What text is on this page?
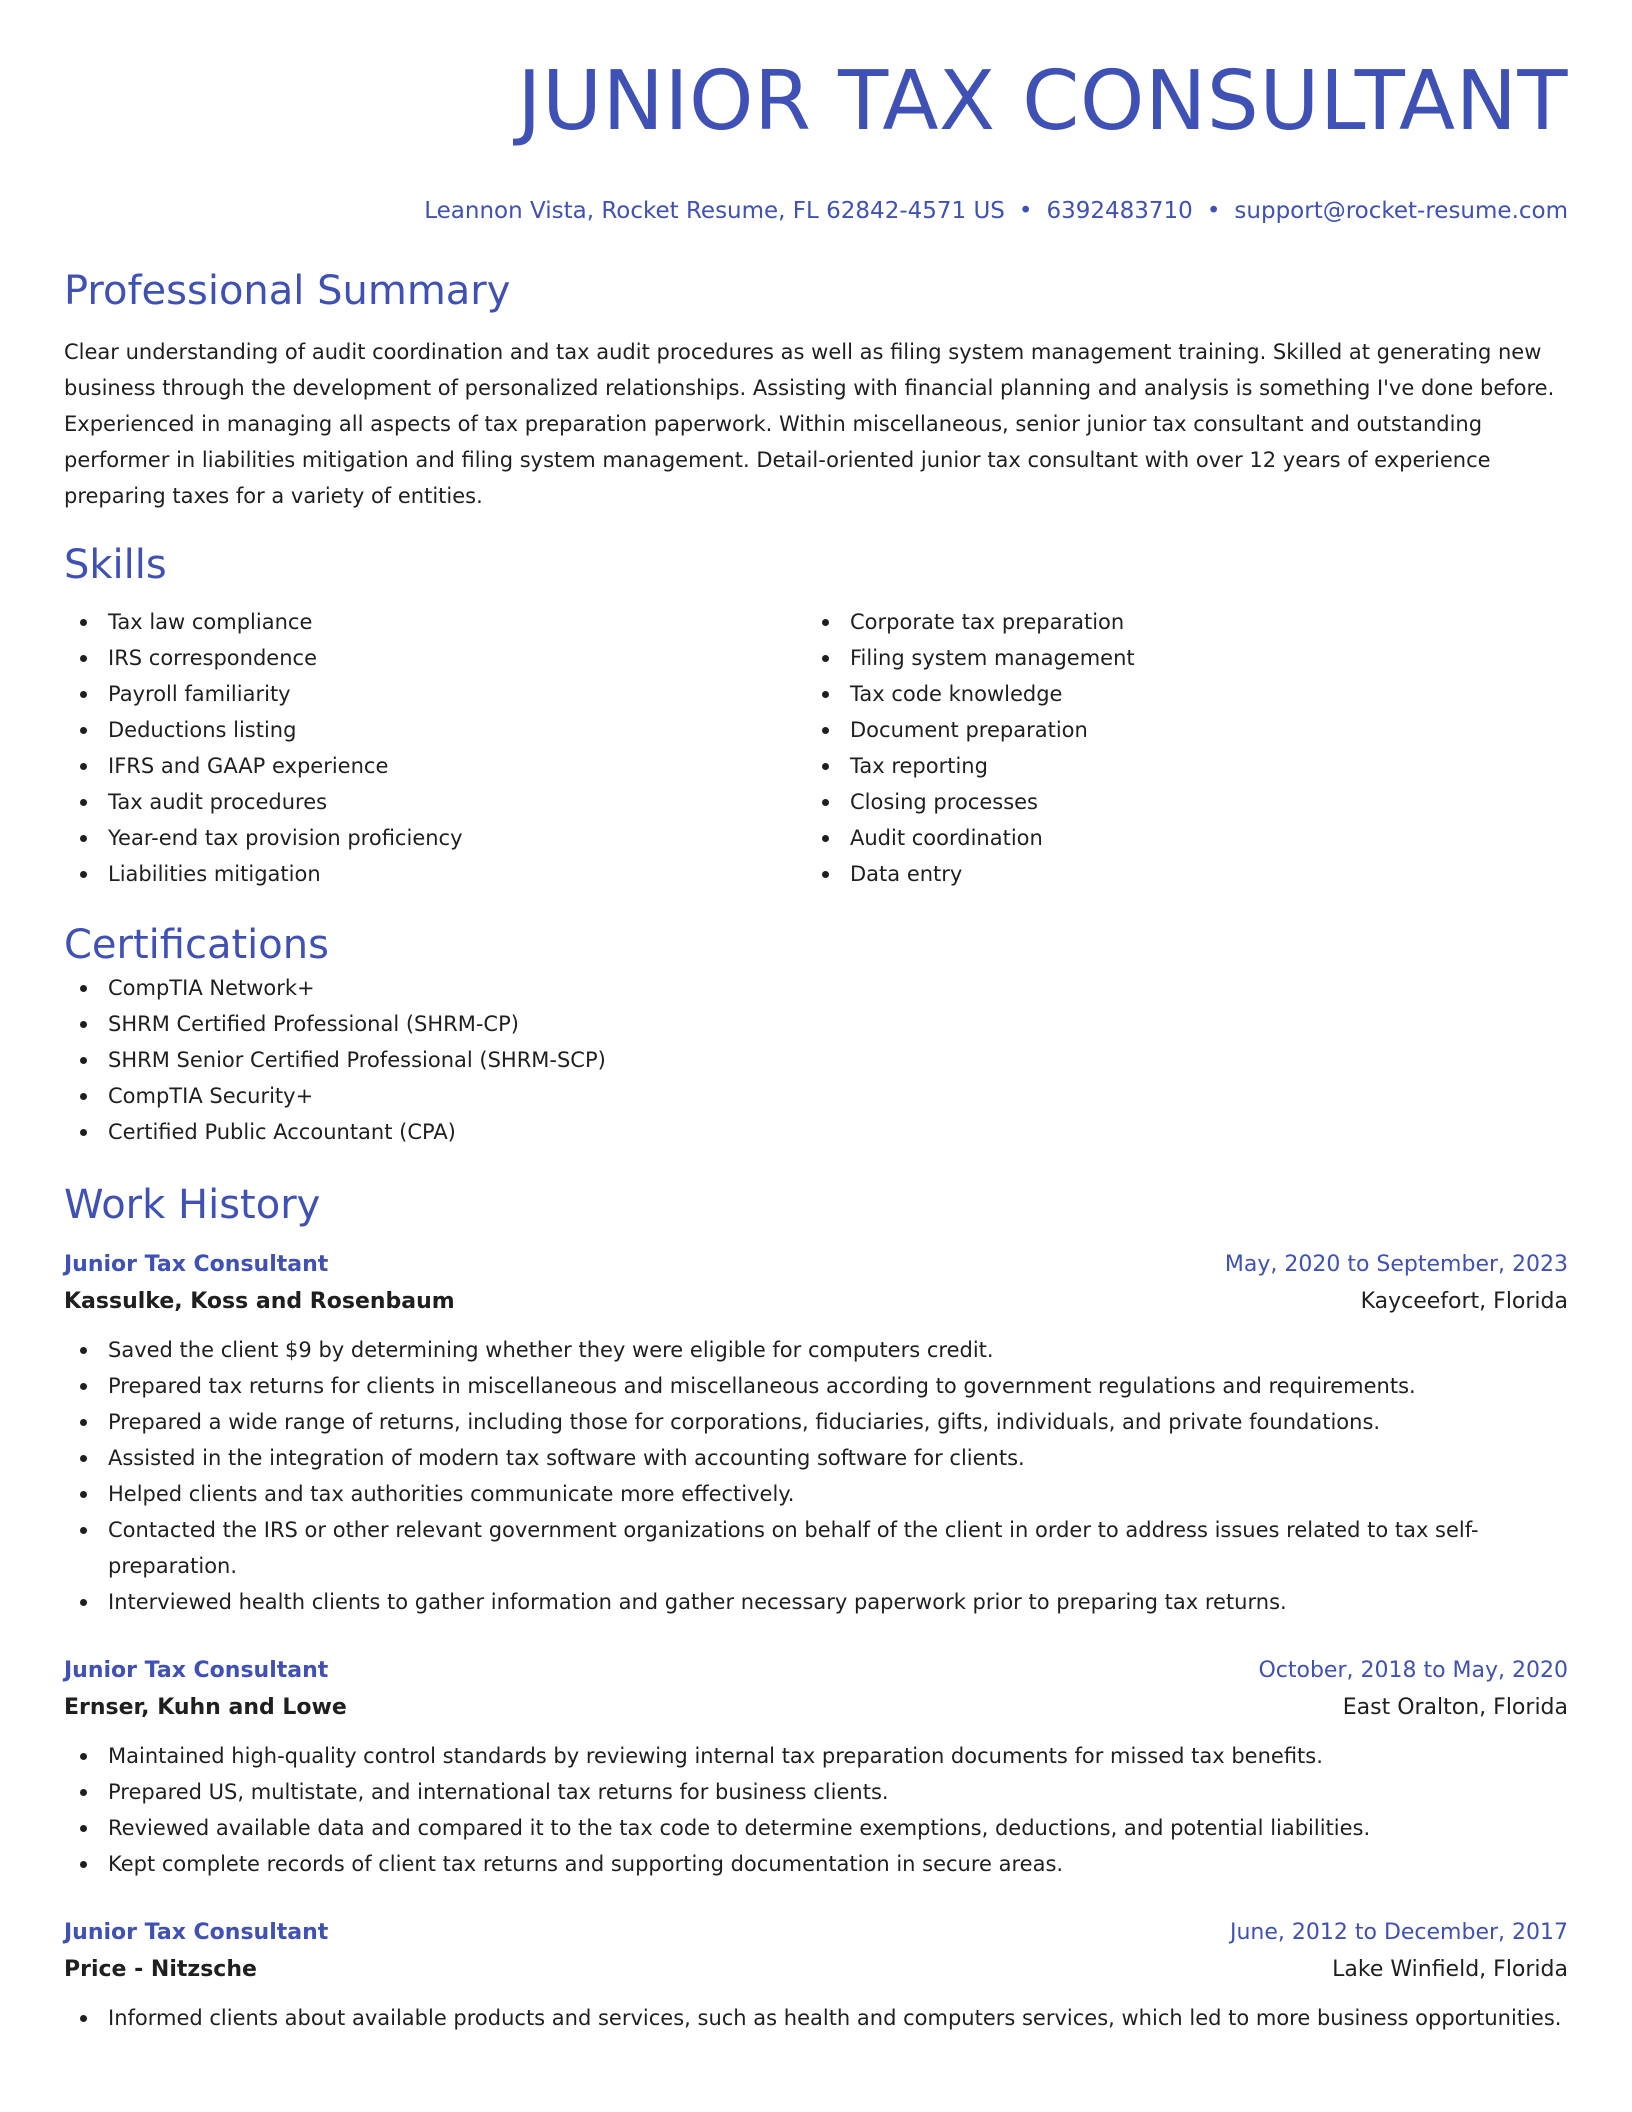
JUNIOR TAX CONSULTANT
Leannon Vista, Rocket Resume, FL 62842-4571 US • 6392483710 • support@rocket-resume.com
Professional Summary

Clear understanding of audit coordination and tax audit procedures as well as filing system management training. Skilled at generating new business through the development of personalized relationships. Assisting with financial planning and analysis is something I've done before. Experienced in managing all aspects of tax preparation paperwork. Within miscellaneous, senior junior tax consultant and outstanding performer in liabilities mitigation and filing system management. Detail-oriented junior tax consultant with over 12 years of experience preparing taxes for a variety of entities.

Skills
Tax law compliance
IRS correspondence
Payroll familiarity
Deductions listing
IFRS and GAAP experience
Tax audit procedures
Year-end tax provision proficiency
Liabilities mitigation
Corporate tax preparation
Filing system management
Tax code knowledge
Document preparation
Tax reporting
Closing processes
Audit coordination
Data entry
Certifications
CompTIA Network+
SHRM Certified Professional (SHRM-CP)
SHRM Senior Certified Professional (SHRM-SCP)
CompTIA Security+
Certified Public Accountant (CPA)
Work History
Junior Tax Consultant	May, 2020 to September, 2023
Kassulke, Koss and Rosenbaum	Kayceefort, Florida
Saved the client $9 by determining whether they were eligible for computers credit.
Prepared tax returns for clients in miscellaneous and miscellaneous according to government regulations and requirements.
Prepared a wide range of returns, including those for corporations, fiduciaries, gifts, individuals, and private foundations.
Assisted in the integration of modern tax software with accounting software for clients.
Helped clients and tax authorities communicate more effectively.
Contacted the IRS or other relevant government organizations on behalf of the client in order to address issues related to tax self-preparation.
Interviewed health clients to gather information and gather necessary paperwork prior to preparing tax returns.
Junior Tax Consultant	October, 2018 to May, 2020
Ernser, Kuhn and Lowe	East Oralton, Florida
Maintained high-quality control standards by reviewing internal tax preparation documents for missed tax benefits.
Prepared US, multistate, and international tax returns for business clients.
Reviewed available data and compared it to the tax code to determine exemptions, deductions, and potential liabilities.
Kept complete records of client tax returns and supporting documentation in secure areas.
Junior Tax Consultant	June, 2012 to December, 2017
Price - Nitzsche	Lake Winfield, Florida
Informed clients about available products and services, such as health and computers services, which led to more business opportunities.
